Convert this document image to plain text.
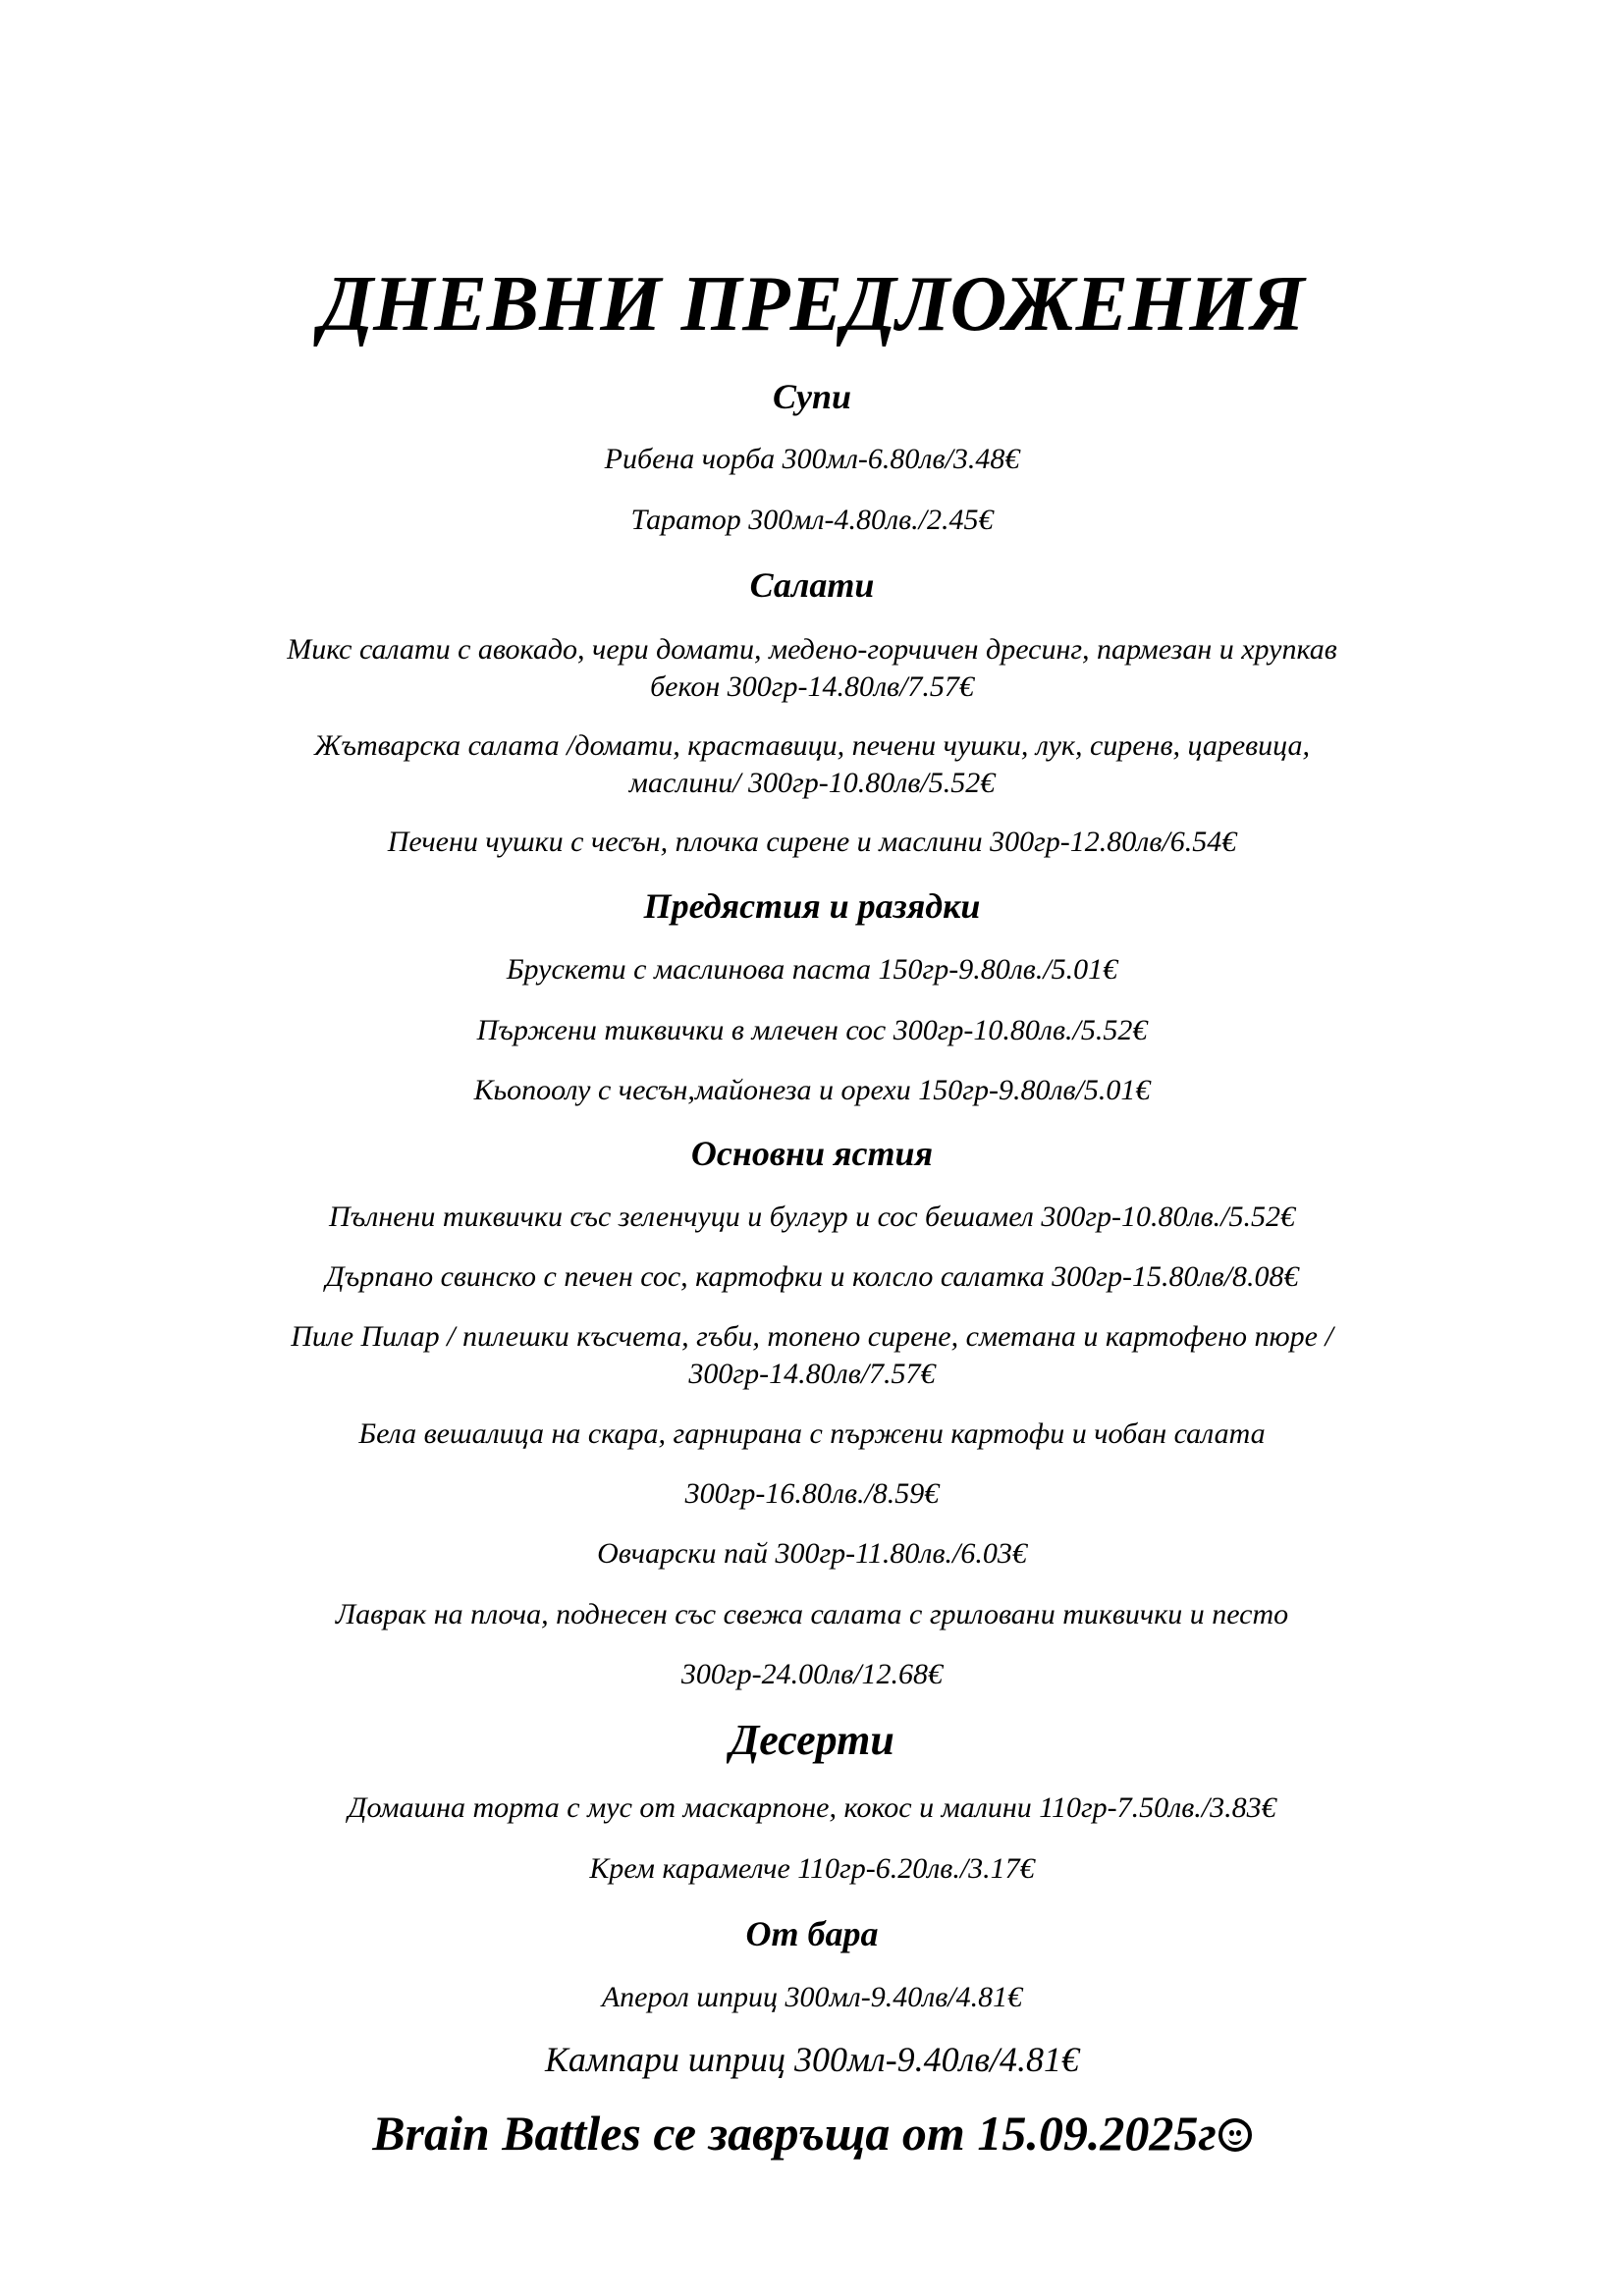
ДНЕВНИ ПРЕДЛОЖЕНИЯ
Супи
Рибена чорба 300мл-6.80лв/3.48€
Таратор 300мл-4.80лв./2.45€
Салати
Микс салати с авокадо, чери домати, медено-горчичен дресинг, пармезан и хрупкав
бекон 300гр-14.80лв/7.57€
Жътварска салата /домати, краставици, печени чушки, лук, сиренв, царевица,
маслини/ 300гр-10.80лв/5.52€
Печени чушки с чесън, плочка сирене и маслини 300гр-12.80лв/6.54€
Предястия и разядки
Брускети с маслинова паста 150гр-9.80лв./5.01€
Пържени тиквички в млечен сос 300гр-10.80лв./5.52€
Кьопоолу с чесън,майонеза и орехи 150гр-9.80лв/5.01€
Основни ястия
Пълнени тиквички със зеленчуци и булгур и сос бешамел 300гр-10.80лв./5.52€
Дърпано свинско с печен сос, картофки и колсло салатка 300гр-15.80лв/8.08€
Пиле Пилар / пилешки късчета, гъби, топено сирене, сметана и картофено пюре /
300гр-14.80лв/7.57€
Бела вешалица на скара, гарнирана с пържени картофи и чобан салата
300гр-16.80лв./8.59€
Овчарски пай 300гр-11.80лв./6.03€
Лаврак на плоча, поднесен със свежа салата с гриловани тиквички и песто
300гр-24.00лв/12.68€
Десерти
Домашна торта с мус от маскарпоне, кокос и малини 110гр-7.50лв./3.83€
Крем карамелче 110гр-6.20лв./3.17€
От бара
Аперол шприц 300мл-9.40лв/4.81€
Кампари шприц 300мл-9.40лв/4.81€
Brain Battles се завръща от 15.09.2025г
